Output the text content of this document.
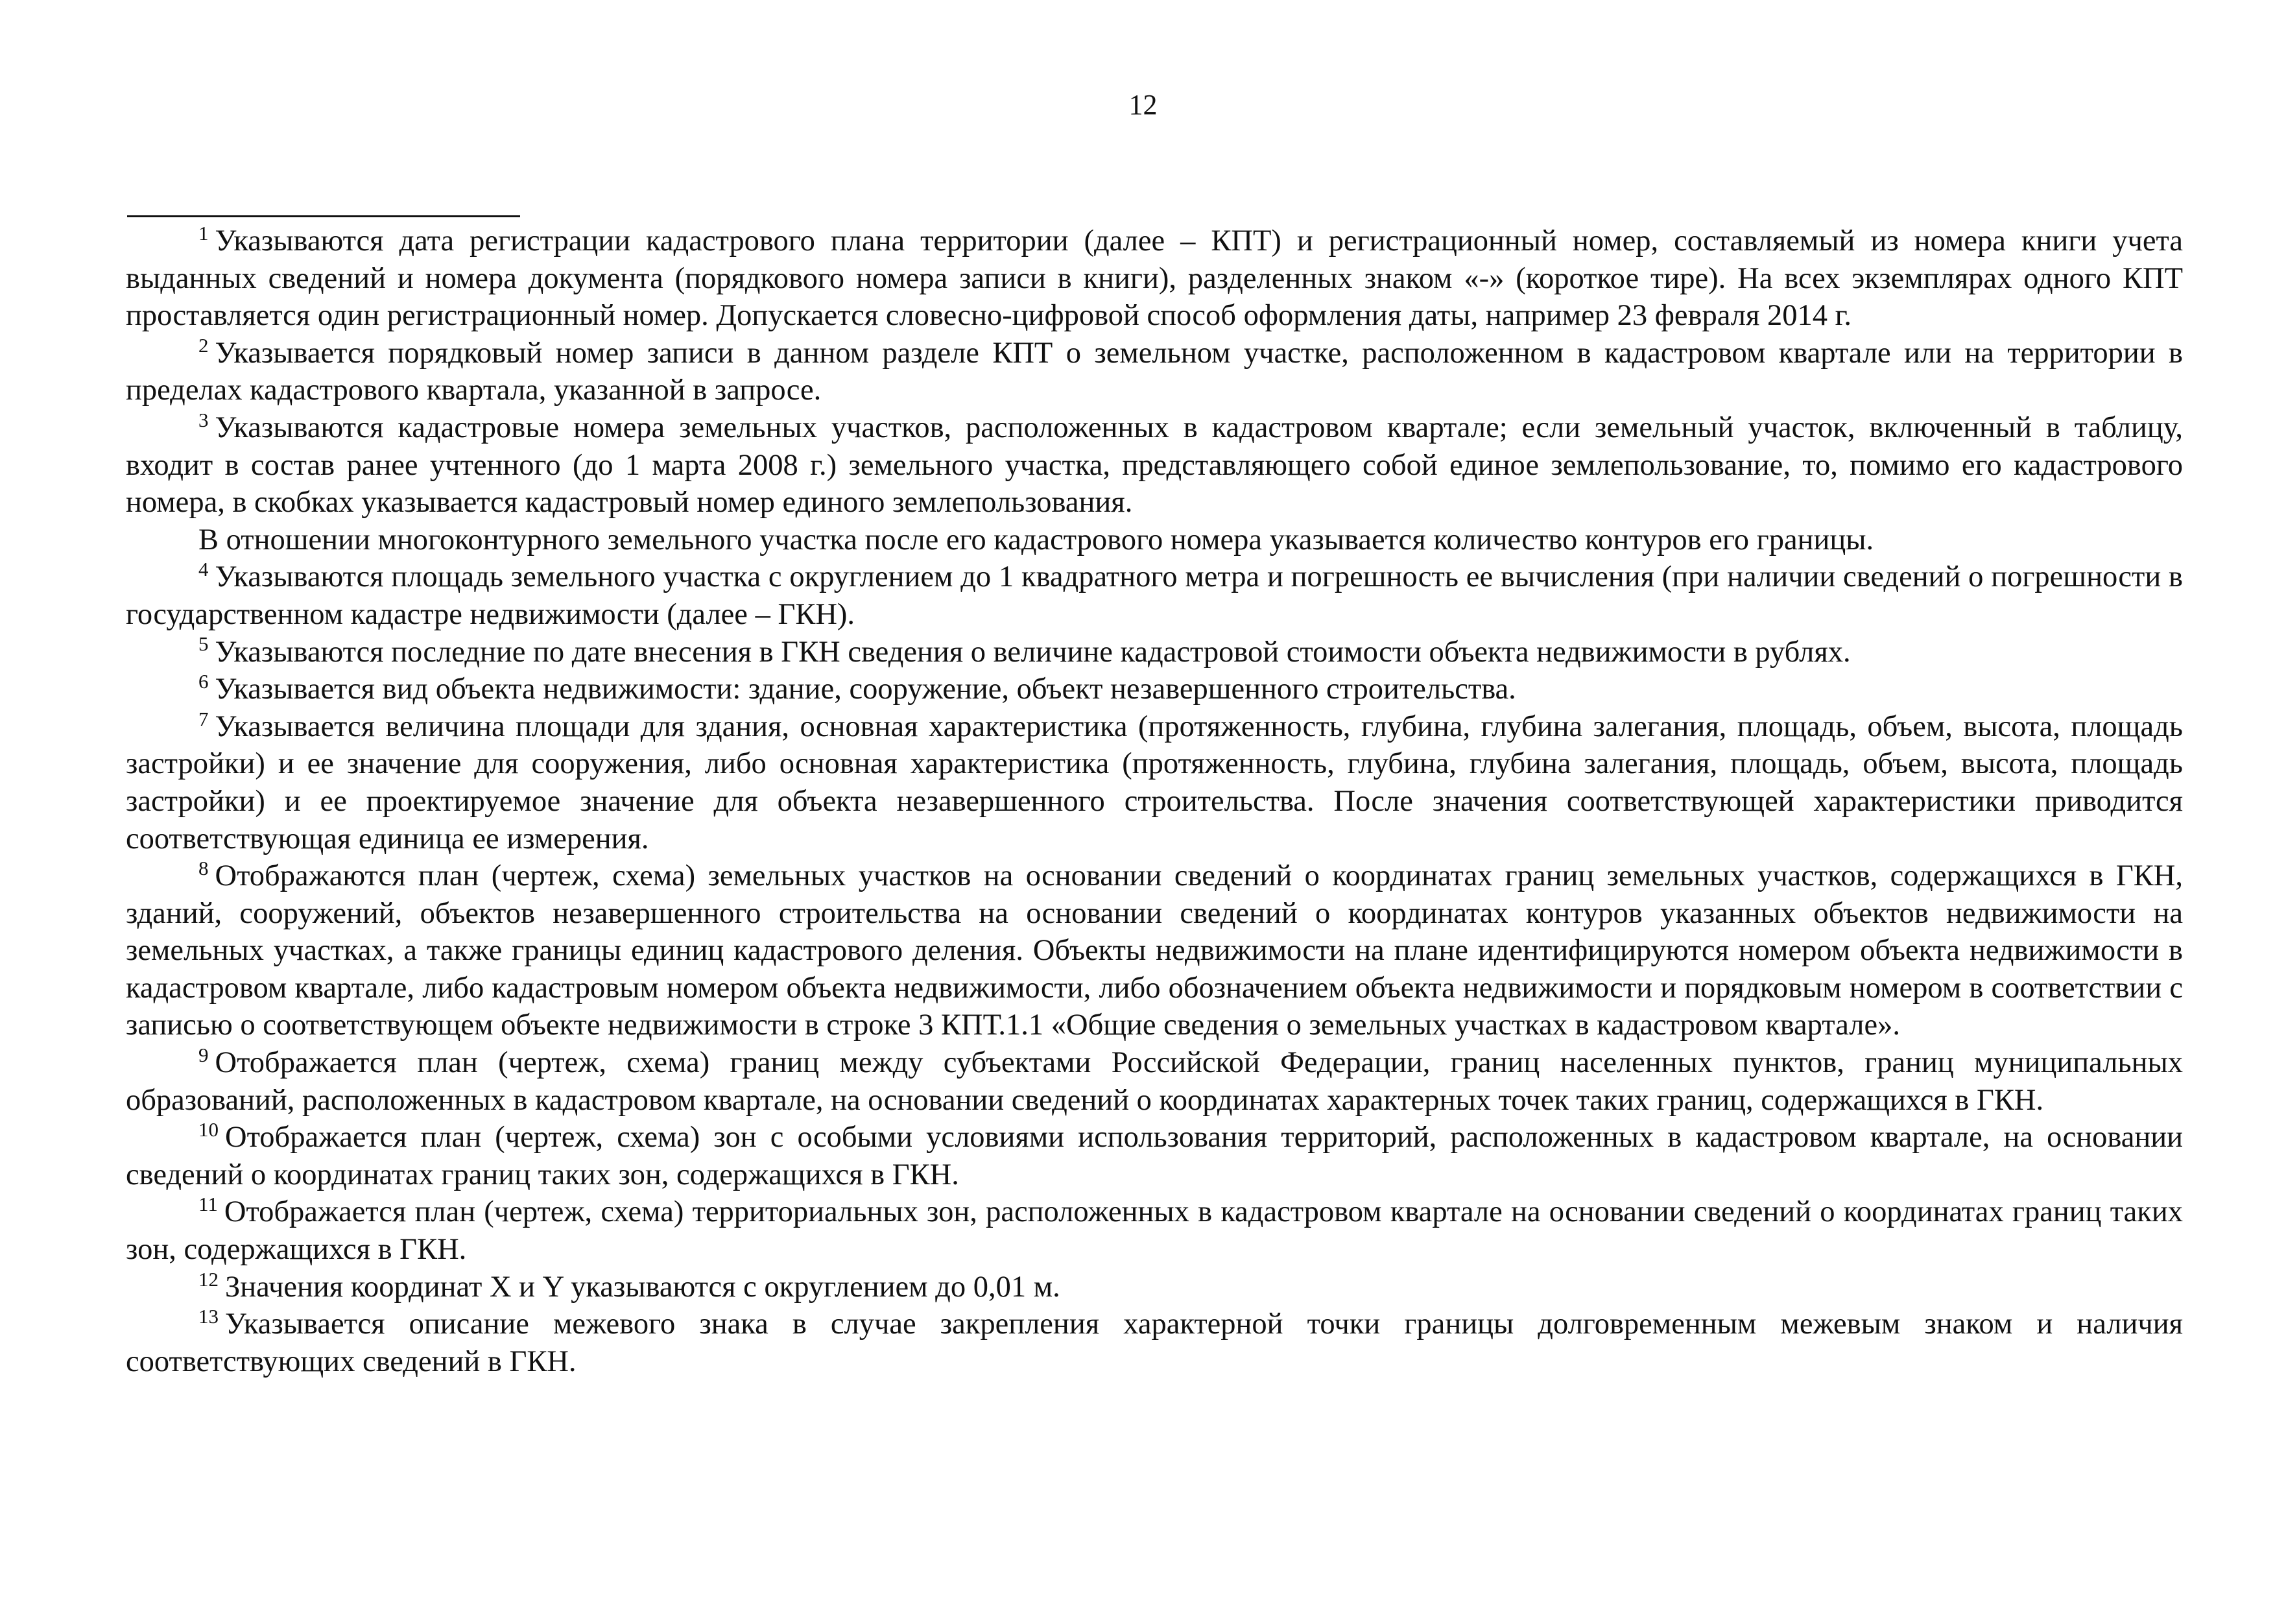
12

$^1$ Указываются дата регистрации кадастрового плана территории (далее – КПТ) и регистрационный номер, составляемый из номера книги учета выданных сведений и номера документа (порядкового номера записи в книги), разделенных знаком «-» (короткое тире). На всех экземплярах одного КПТ проставляется один регистрационный номер. Допускается словесно-цифровой способ оформления даты, например 23 февраля 2014 г.

$^2$ Указывается порядковый номер записи в данном разделе КПТ о земельном участке, расположенном в кадастровом квартале или на территории в пределах кадастрового квартала, указанной в запросе.

$^3$ Указываются кадастровые номера земельных участков, расположенных в кадастровом квартале; если земельный участок, включенный в таблицу, входит в состав ранее учтенного (до 1 марта 2008 г.) земельного участка, представляющего собой единое землепользование, то, помимо его кадастрового номера, в скобках указывается кадастровый номер единого землепользования.

В отношении многоконтурного земельного участка после его кадастрового номера указывается количество контуров его границы.

$^4$ Указываются площадь земельного участка с округлением до 1 квадратного метра и погрешность ее вычисления (при наличии сведений о погрешности в государственном кадастре недвижимости (далее – ГКН).

$^5$ Указываются последние по дате внесения в ГКН сведения о величине кадастровой стоимости объекта недвижимости в рублях.

$^6$ Указывается вид объекта недвижимости: здание, сооружение, объект незавершенного строительства.

$^7$ Указывается величина площади для здания, основная характеристика (протяженность, глубина, глубина залегания, площадь, объем, высота, площадь застройки) и ее значение для сооружения, либо основная характеристика (протяженность, глубина, глубина залегания, площадь, объем, высота, площадь застройки) и ее проектируемое значение для объекта незавершенного строительства. После значения соответствующей характеристики приводится соответствующая единица ее измерения.

$^8$ Отображаются план (чертеж, схема) земельных участков на основании сведений о координатах границ земельных участков, содержащихся в ГКН, зданий, сооружений, объектов незавершенного строительства на основании сведений о координатах контуров указанных объектов недвижимости на земельных участках, а также границы единиц кадастрового деления. Объекты недвижимости на плане идентифицируются номером объекта недвижимости в кадастровом квартале, либо кадастровым номером объекта недвижимости, либо обозначением объекта недвижимости и порядковым номером в соответствии с записью о соответствующем объекте недвижимости в строке 3 КПТ.1.1 «Общие сведения о земельных участках в кадастровом квартале».

$^9$ Отображается план (чертеж, схема) границ между субъектами Российской Федерации, границ населенных пунктов, границ муниципальных образований, расположенных в кадастровом квартале, на основании сведений о координатах характерных точек таких границ, содержащихся в ГКН.

$^{10}$ Отображается план (чертеж, схема) зон с особыми условиями использования территорий, расположенных в кадастровом квартале, на основании сведений о координатах границ таких зон, содержащихся в ГКН.

$^{11}$ Отображается план (чертеж, схема) территориальных зон, расположенных в кадастровом квартале на основании сведений о координатах границ таких зон, содержащихся в ГКН.

$^{12}$ Значения координат X и Y указываются с округлением до 0,01 м.

$^{13}$ Указывается описание межевого знака в случае закрепления характерной точки границы долговременным межевым знаком и наличия соответствующих сведений в ГКН.
